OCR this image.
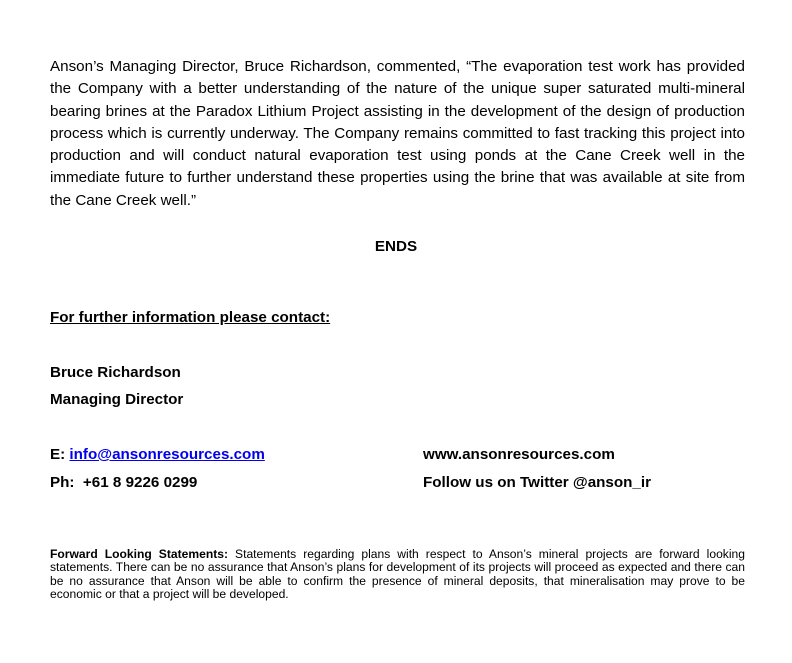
Anson’s Managing Director, Bruce Richardson, commented, “The evaporation test work has provided the Company with a better understanding of the nature of the unique super saturated multi-mineral bearing brines at the Paradox Lithium Project assisting in the development of the design of production process which is currently underway. The Company remains committed to fast tracking this project into production and will conduct natural evaporation test using ponds at the Cane Creek well in the immediate future to further understand these properties using the brine that was available at site from the Cane Creek well.”

ENDS

For further information please contact:

Bruce Richardson

Managing Director

E: info@ansonresources.com

Ph: +61 8 9226 0299

www.ansonresources.com

Follow us on Twitter @anson_ir

Forward Looking Statements: Statements regarding plans with respect to Anson’s mineral projects are forward looking statements. There can be no assurance that Anson’s plans for development of its projects will proceed as expected and there can be no assurance that Anson will be able to confirm the presence of mineral deposits, that mineralisation may prove to be economic or that a project will be developed.
